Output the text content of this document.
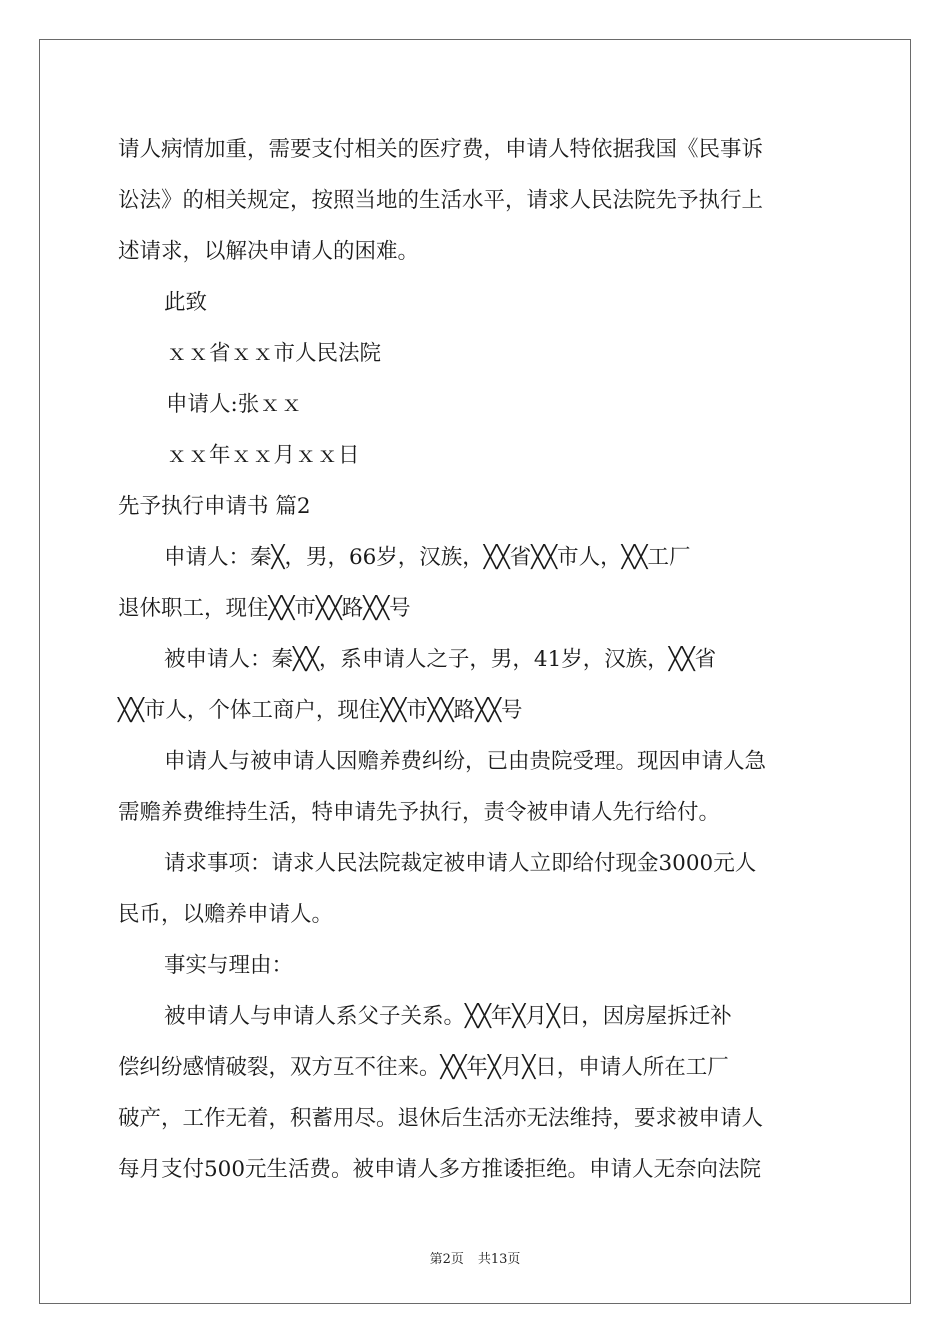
请人病情加重，需要支付相关的医疗费，申请人特依据我国《民事诉
讼法》的相关规定，按照当地的生活水平，请求人民法院先予执行上
述请求，以解决申请人的困难。
此致
ｘｘ省ｘｘ市人民法院
申请人:张ｘｘ
ｘｘ年ｘｘ月ｘｘ日
先予执行申请书 篇2
申请人：秦╳，男，66岁，汉族，╳╳省╳╳市人，╳╳工厂
退休职工，现住╳╳市╳╳路╳╳号
被申请人：秦╳╳，系申请人之子，男，41岁，汉族，╳╳省
╳╳市人，个体工商户，现住╳╳市╳╳路╳╳号
申请人与被申请人因赡养费纠纷，已由贵院受理。现因申请人急
需赡养费维持生活，特申请先予执行，责令被申请人先行给付。
请求事项：请求人民法院裁定被申请人立即给付现金3000元人
民币，以赡养申请人。
事实与理由：
被申请人与申请人系父子关系。╳╳年╳月╳日，因房屋拆迁补
偿纠纷感情破裂，双方互不往来。╳╳年╳月╳日，申请人所在工厂
破产，工作无着，积蓄用尽。退休后生活亦无法维持，要求被申请人
每月支付500元生活费。被申请人多方推诿拒绝。申请人无奈向法院
第2页 共13页
